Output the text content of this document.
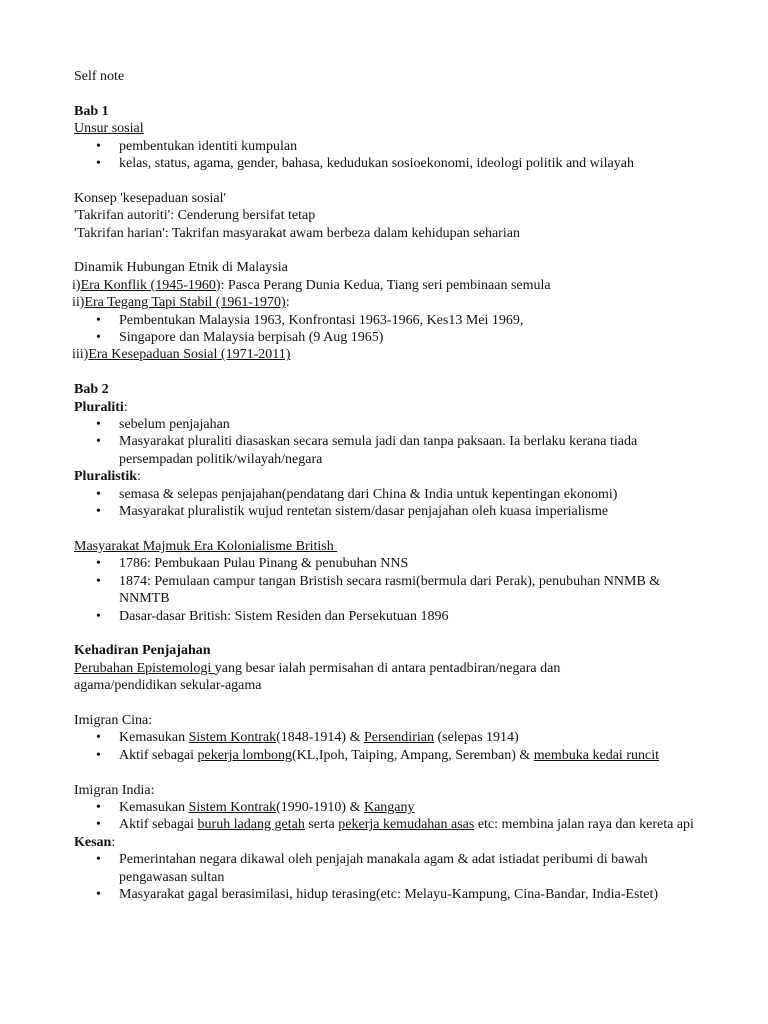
Self note
Bab 1
Unsur sosial
• pembentukan identiti kumpulan
• kelas, status, agama, gender, bahasa, kedudukan sosioekonomi, ideologi politik and wilayah
Konsep 'kesepaduan sosial'
'Takrifan autoriti': Cenderung bersifat tetap
'Takrifan harian': Takrifan masyarakat awam berbeza dalam kehidupan seharian
Dinamik Hubungan Etnik di Malaysia
i)Era Konflik (1945-1960): Pasca Perang Dunia Kedua, Tiang seri pembinaan semula
ii)Era Tegang Tapi Stabil (1961-1970):
• Pembentukan Malaysia 1963, Konfrontasi 1963-1966, Kes13 Mei 1969,
• Singapore dan Malaysia berpisah (9 Aug 1965)
iii)Era Kesepaduan Sosial (1971-2011)
Bab 2
Pluraliti:
• sebelum penjajahan
• Masyarakat pluraliti diasaskan secara semula jadi dan tanpa paksaan. Ia berlaku kerana tiada persempadan politik/wilayah/negara
Pluralistik:
• semasa & selepas penjajahan(pendatang dari China & India untuk kepentingan ekonomi)
• Masyarakat pluralistik wujud rentetan sistem/dasar penjajahan oleh kuasa imperialisme
Masyarakat Majmuk Era Kolonialisme British
• 1786: Pembukaan Pulau Pinang & penubuhan NNS
• 1874: Pemulaan campur tangan Bristish secara rasmi(bermula dari Perak), penubuhan NNMB & NNMTB
• Dasar-dasar British: Sistem Residen dan Persekutuan 1896
Kehadiran Penjajahan
Perubahan Epistemologi yang besar ialah permisahan di antara pentadbiran/negara dan agama/pendidikan sekular-agama
Imigran Cina:
• Kemasukan Sistem Kontrak(1848-1914) & Persendirian (selepas 1914)
• Aktif sebagai pekerja lombong(KL,Ipoh, Taiping, Ampang, Seremban) & membuka kedai runcit
Imigran India:
• Kemasukan Sistem Kontrak(1990-1910) & Kangany
• Aktif sebagai buruh ladang getah serta pekerja kemudahan asas etc: membina jalan raya dan kereta api
Kesan:
• Pemerintahan negara dikawal oleh penjajah manakala agam & adat istiadat peribumi di bawah pengawasan sultan
• Masyarakat gagal berasimilasi, hidup terasing(etc: Melayu-Kampung, Cina-Bandar, India-Estet)
